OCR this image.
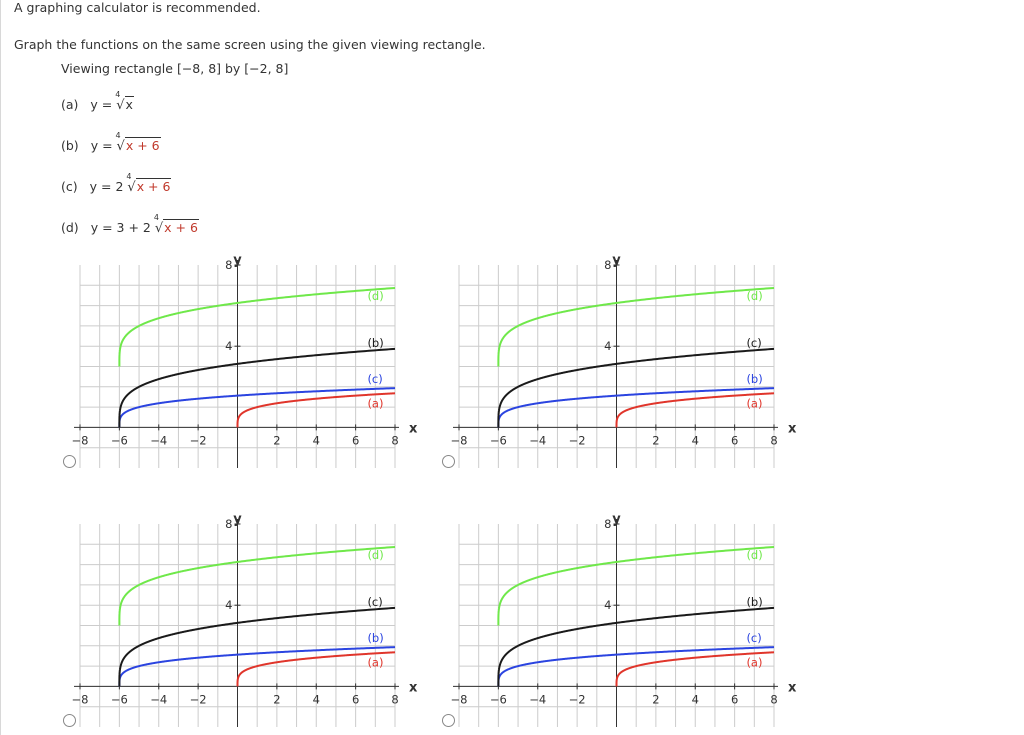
A graphing calculator is recommended.
Graph the functions on the same screen using the given viewing rectangle.
Viewing rectangle [−8, 8] by [−2, 8]
(a) y =
4
√x
(b) y =
4
√x + 6
(c) y = 2
4
√x + 6
(d) y = 3 + 2
4
√x + 6
−8 −6 −4 −2	2	4	6	8
4
8
x
y
(d)
(b)
(c)
(a)
−8 −6 −4 −2	2	4	6	8
4
8
x
y
(d)
(c)
(b)
(a)
−8 −6 −4 −2	2	4	6	8
4
8
x
y
(d)
(c)
(b)
(a)
−8 −6 −4 −2	2	4	6	8
4
8
x
y
(d)
(b)
(c)
(a)
